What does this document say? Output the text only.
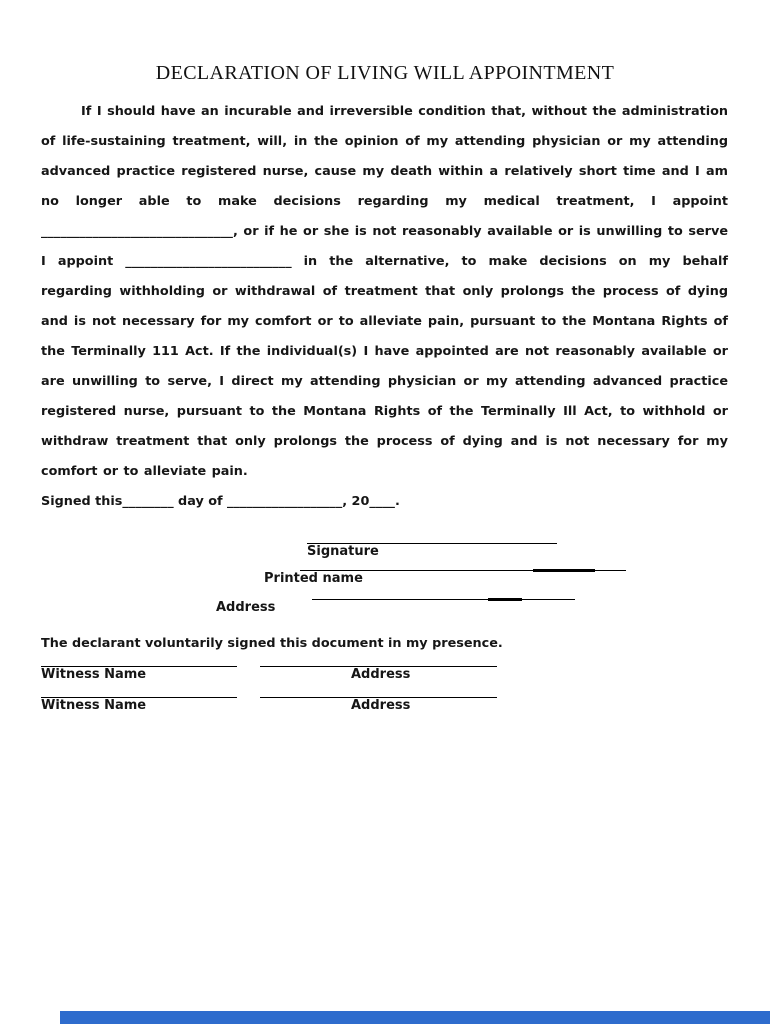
DECLARATION OF LIVING WILL APPOINTMENT

If I should have an incurable and irreversible condition that, without the administration of life-sustaining treatment, will, in the opinion of my attending physician or my attending advanced practice registered nurse, cause my death within a relatively short time and I am no longer able to make decisions regarding my medical treatment, I appoint ______________________________, or if he or she is not reasonably available or is unwilling to serve I appoint __________________________ in the alternative, to make decisions on my behalf regarding withholding or withdrawal of treatment that only prolongs the process of dying and is not necessary for my comfort or to alleviate pain, pursuant to the Montana Rights of the Terminally 111 Act. If the individual(s) I have appointed are not reasonably available or are unwilling to serve, I direct my attending physician or my attending advanced practice registered nurse, pursuant to the Montana Rights of the Terminally Ill Act, to withhold or withdraw treatment that only prolongs the process of dying and is not necessary for my comfort or to alleviate pain.

Signed this________ day of __________________, 20____.

Signature
Printed name
Address

The declarant voluntarily signed this document in my presence.

Witness Name	Address
Witness Name	Address
